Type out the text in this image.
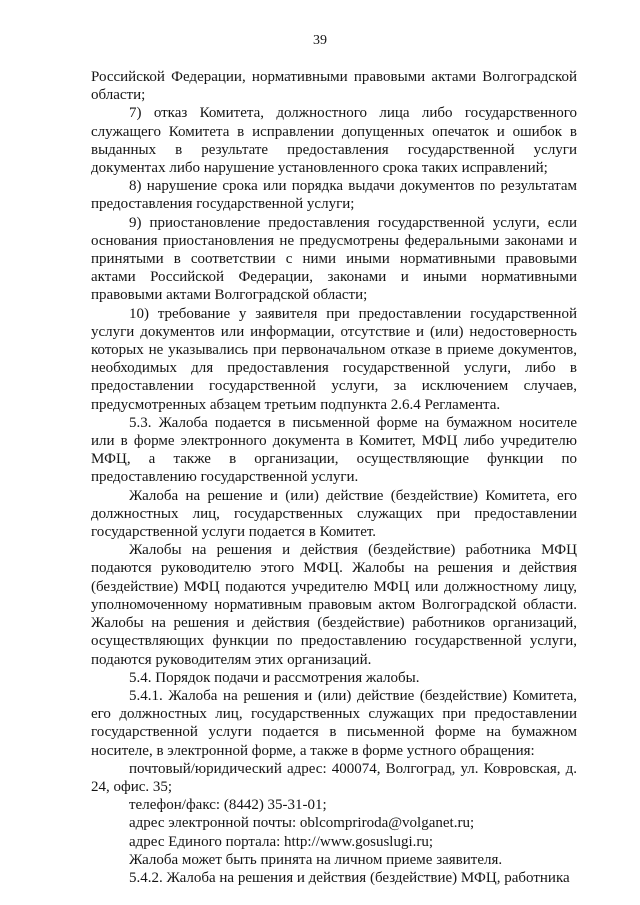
39

Российской Федерации, нормативными правовыми актами Волгоградской области;

7) отказ Комитета, должностного лица либо государственного служащего Комитета в исправлении допущенных опечаток и ошибок в выданных в результате предоставления государственной услуги документах либо нарушение установленного срока таких исправлений;

8) нарушение срока или порядка выдачи документов по результатам предоставления государственной услуги;

9) приостановление предоставления государственной услуги, если основания приостановления не предусмотрены федеральными законами и принятыми в соответствии с ними иными нормативными правовыми актами Российской Федерации, законами и иными нормативными правовыми актами Волгоградской области;

10) требование у заявителя при предоставлении государственной услуги документов или информации, отсутствие и (или) недостоверность которых не указывались при первоначальном отказе в приеме документов, необходимых для предоставления государственной услуги, либо в предоставлении государственной услуги, за исключением случаев, предусмотренных абзацем третьим подпункта 2.6.4 Регламента.

5.3. Жалоба подается в письменной форме на бумажном носителе или в форме электронного документа в Комитет, МФЦ либо учредителю МФЦ, а также в организации, осуществляющие функции по предоставлению государственной услуги.

Жалоба на решение и (или) действие (бездействие) Комитета, его должностных лиц, государственных служащих при предоставлении государственной услуги подается в Комитет.

Жалобы на решения и действия (бездействие) работника МФЦ подаются руководителю этого МФЦ. Жалобы на решения и действия (бездействие) МФЦ подаются учредителю МФЦ или должностному лицу, уполномоченному нормативным правовым актом Волгоградской области. Жалобы на решения и действия (бездействие) работников организаций, осуществляющих функции по предоставлению государственной услуги, подаются руководителям этих организаций.

5.4. Порядок подачи и рассмотрения жалобы.

5.4.1. Жалоба на решения и (или) действие (бездействие) Комитета, его должностных лиц, государственных служащих при предоставлении государственной услуги подается в письменной форме на бумажном носителе, в электронной форме, а также в форме устного обращения:

почтовый/юридический адрес: 400074, Волгоград, ул. Ковровская, д. 24, офис. 35;

телефон/факс: (8442) 35-31-01;

адрес электронной почты: oblcompriroda@volganet.ru;

адрес Единого портала: http://www.gosuslugi.ru;

Жалоба может быть принята на личном приеме заявителя.

5.4.2. Жалоба на решения и действия (бездействие) МФЦ, работника
